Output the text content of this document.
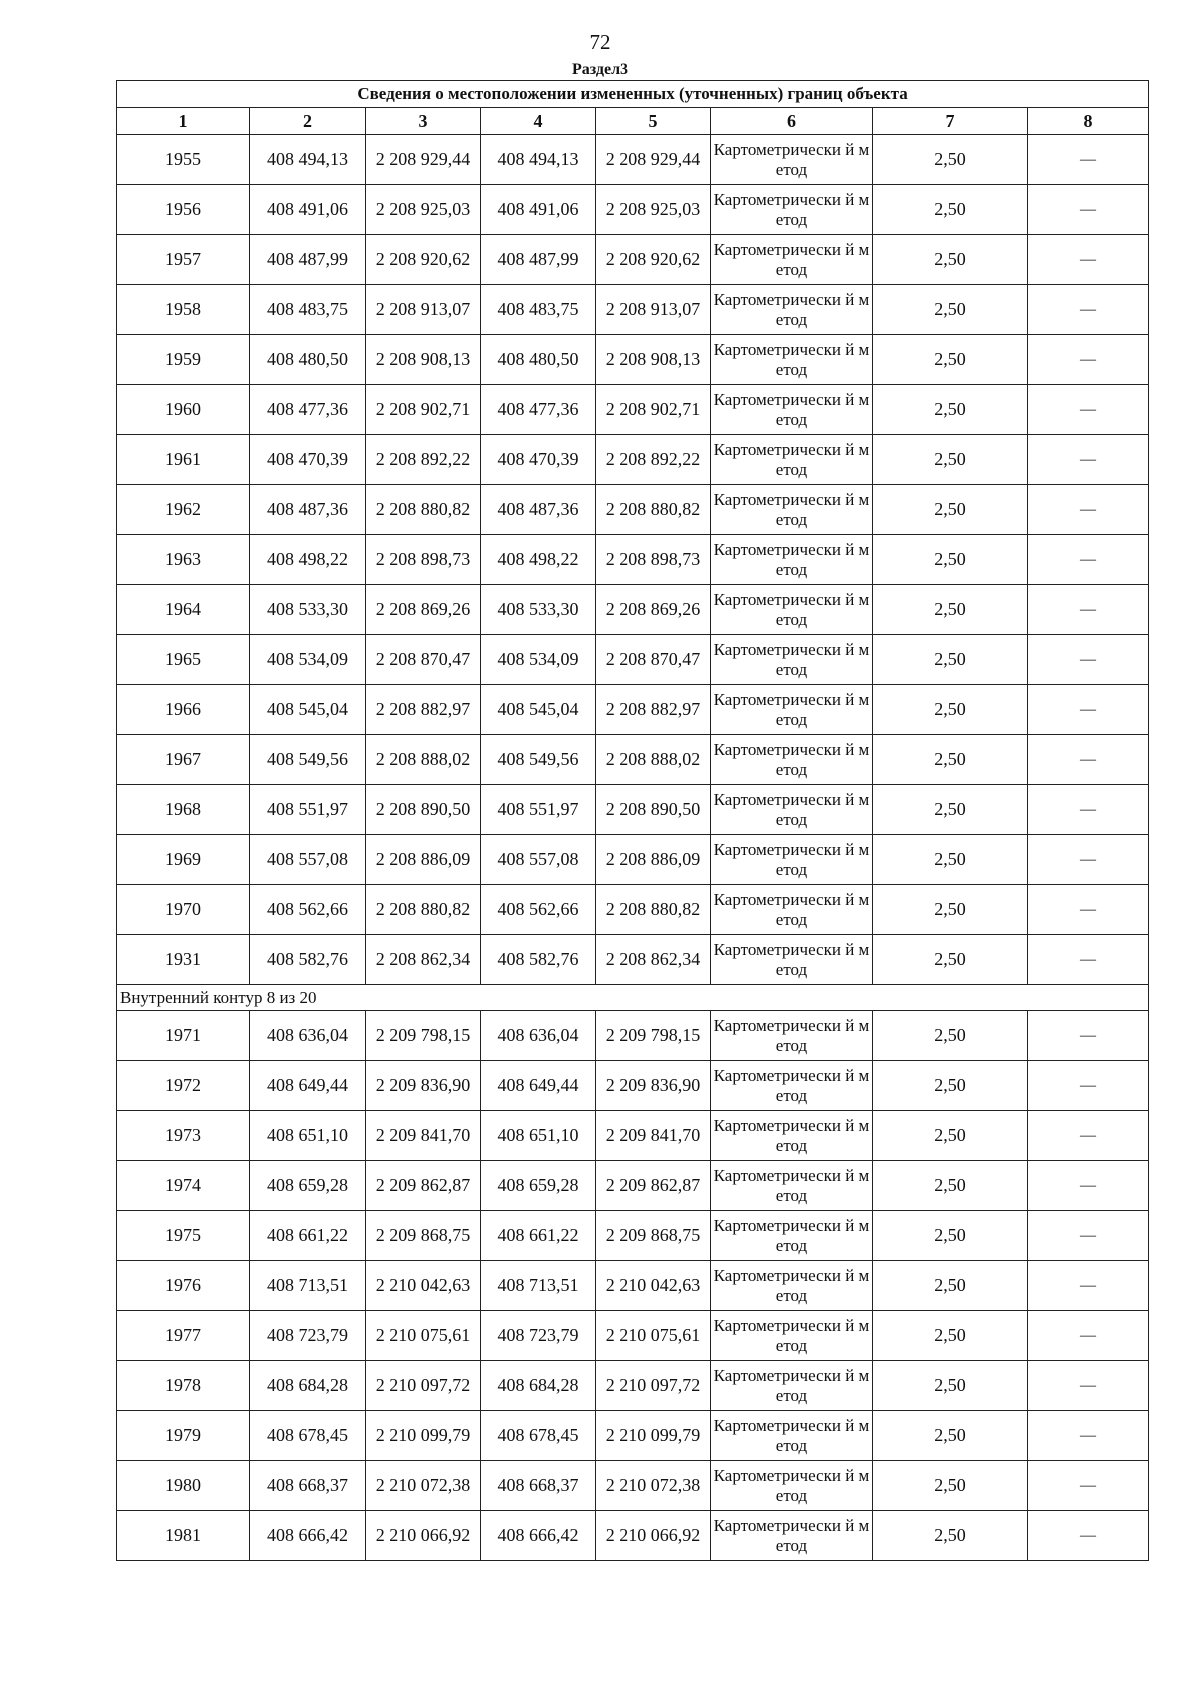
72
Раздел3
Сведения о местоположении измененных (уточненных) границ объекта							
1	2	3	4	5	6	7	8
1955	408 494,13	2 208 929,44	408 494,13	2 208 929,44	Картометрически й метод	2,50	—
1956	408 491,06	2 208 925,03	408 491,06	2 208 925,03	Картометрически й метод	2,50	—
1957	408 487,99	2 208 920,62	408 487,99	2 208 920,62	Картометрически й метод	2,50	—
1958	408 483,75	2 208 913,07	408 483,75	2 208 913,07	Картометрически й метод	2,50	—
1959	408 480,50	2 208 908,13	408 480,50	2 208 908,13	Картометрически й метод	2,50	—
1960	408 477,36	2 208 902,71	408 477,36	2 208 902,71	Картометрически й метод	2,50	—
1961	408 470,39	2 208 892,22	408 470,39	2 208 892,22	Картометрически й метод	2,50	—
1962	408 487,36	2 208 880,82	408 487,36	2 208 880,82	Картометрически й метод	2,50	—
1963	408 498,22	2 208 898,73	408 498,22	2 208 898,73	Картометрически й метод	2,50	—
1964	408 533,30	2 208 869,26	408 533,30	2 208 869,26	Картометрически й метод	2,50	—
1965	408 534,09	2 208 870,47	408 534,09	2 208 870,47	Картометрически й метод	2,50	—
1966	408 545,04	2 208 882,97	408 545,04	2 208 882,97	Картометрически й метод	2,50	—
1967	408 549,56	2 208 888,02	408 549,56	2 208 888,02	Картометрически й метод	2,50	—
1968	408 551,97	2 208 890,50	408 551,97	2 208 890,50	Картометрически й метод	2,50	—
1969	408 557,08	2 208 886,09	408 557,08	2 208 886,09	Картометрически й метод	2,50	—
1970	408 562,66	2 208 880,82	408 562,66	2 208 880,82	Картометрически й метод	2,50	—
1931	408 582,76	2 208 862,34	408 582,76	2 208 862,34	Картометрически й метод	2,50	—
Внутренний контур 8 из 20							
1971	408 636,04	2 209 798,15	408 636,04	2 209 798,15	Картометрически й метод	2,50	—
1972	408 649,44	2 209 836,90	408 649,44	2 209 836,90	Картометрически й метод	2,50	—
1973	408 651,10	2 209 841,70	408 651,10	2 209 841,70	Картометрически й метод	2,50	—
1974	408 659,28	2 209 862,87	408 659,28	2 209 862,87	Картометрически й метод	2,50	—
1975	408 661,22	2 209 868,75	408 661,22	2 209 868,75	Картометрически й метод	2,50	—
1976	408 713,51	2 210 042,63	408 713,51	2 210 042,63	Картометрически й метод	2,50	—
1977	408 723,79	2 210 075,61	408 723,79	2 210 075,61	Картометрически й метод	2,50	—
1978	408 684,28	2 210 097,72	408 684,28	2 210 097,72	Картометрически й метод	2,50	—
1979	408 678,45	2 210 099,79	408 678,45	2 210 099,79	Картометрически й метод	2,50	—
1980	408 668,37	2 210 072,38	408 668,37	2 210 072,38	Картометрически й метод	2,50	—
1981	408 666,42	2 210 066,92	408 666,42	2 210 066,92	Картометрически й метод	2,50	—
